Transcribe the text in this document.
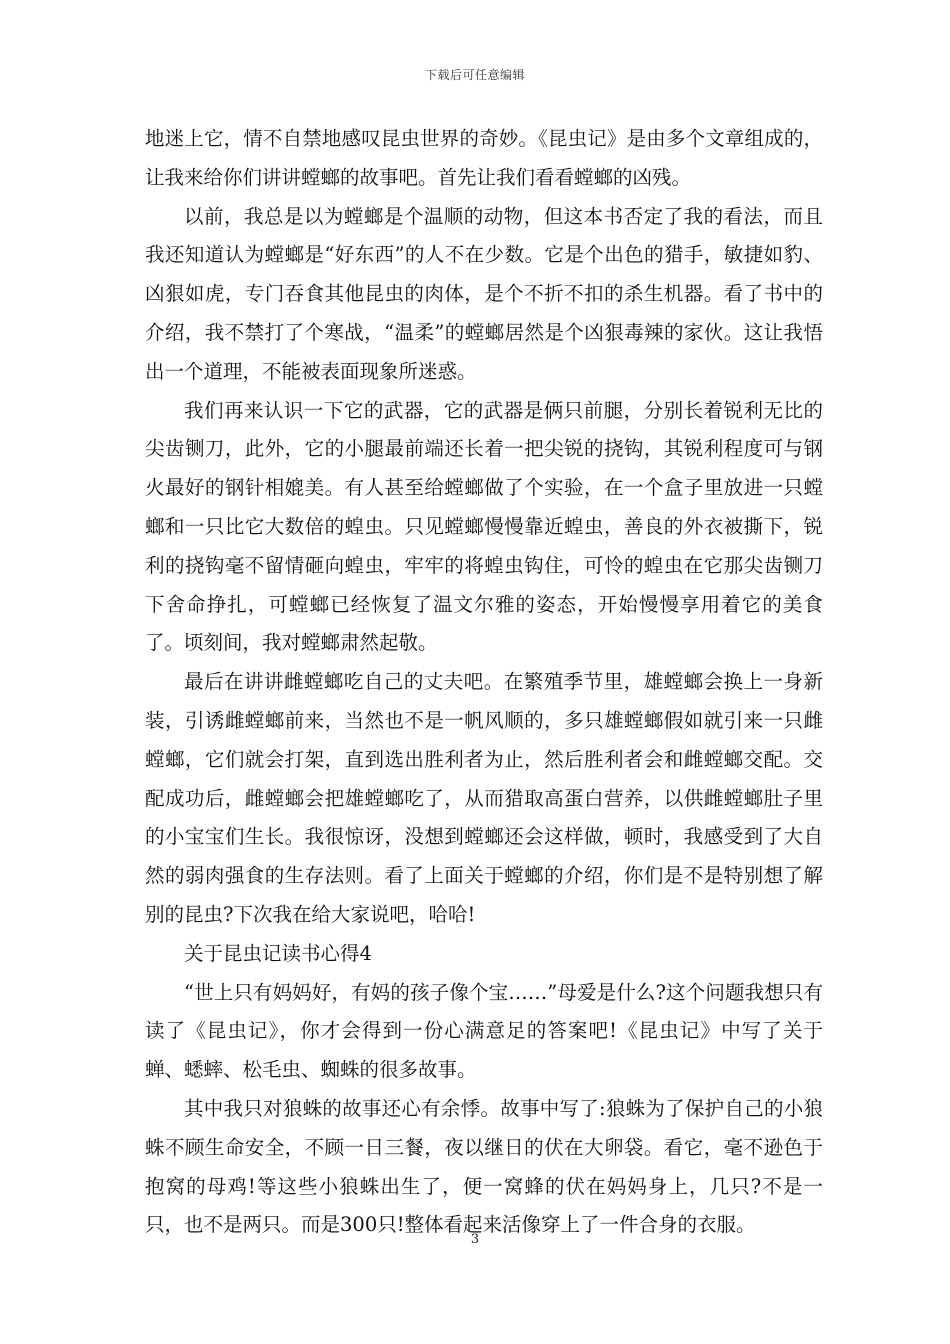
下载后可任意编辑

地迷上它，情不自禁地感叹昆虫世界的奇妙。《昆虫记》是由多个文章组成的，让我来给你们讲讲螳螂的故事吧。首先让我们看看螳螂的凶残。

以前，我总是以为螳螂是个温顺的动物，但这本书否定了我的看法，而且我还知道认为螳螂是“好东西”的人不在少数。它是个出色的猎手，敏捷如豹、凶狠如虎，专门吞食其他昆虫的肉体，是个不折不扣的杀生机器。看了书中的介绍，我不禁打了个寒战，“温柔”的螳螂居然是个凶狠毒辣的家伙。这让我悟出一个道理，不能被表面现象所迷惑。

我们再来认识一下它的武器，它的武器是俩只前腿，分别长着锐利无比的尖齿铡刀，此外，它的小腿最前端还长着一把尖锐的挠钩，其锐利程度可与钢火最好的钢针相媲美。有人甚至给螳螂做了个实验，在一个盒子里放进一只螳螂和一只比它大数倍的蝗虫。只见螳螂慢慢靠近蝗虫，善良的外衣被撕下，锐利的挠钩毫不留情砸向蝗虫，牢牢的将蝗虫钩住，可怜的蝗虫在它那尖齿铡刀下舍命挣扎，可螳螂已经恢复了温文尔雅的姿态，开始慢慢享用着它的美食了。顷刻间，我对螳螂肃然起敬。

最后在讲讲雌螳螂吃自己的丈夫吧。在繁殖季节里，雄螳螂会换上一身新装，引诱雌螳螂前来，当然也不是一帆风顺的，多只雄螳螂假如就引来一只雌螳螂，它们就会打架，直到选出胜利者为止，然后胜利者会和雌螳螂交配。交配成功后，雌螳螂会把雄螳螂吃了，从而猎取高蛋白营养，以供雌螳螂肚子里的小宝宝们生长。我很惊讶，没想到螳螂还会这样做，顿时，我感受到了大自然的弱肉强食的生存法则。看了上面关于螳螂的介绍，你们是不是特别想了解别的昆虫?下次我在给大家说吧，哈哈!

关于昆虫记读书心得4

“世上只有妈妈好，有妈的孩子像个宝……”母爱是什么?这个问题我想只有读了《昆虫记》，你才会得到一份心满意足的答案吧!《昆虫记》中写了关于蝉、蟋蟀、松毛虫、蜘蛛的很多故事。

其中我只对狼蛛的故事还心有余悸。故事中写了:狼蛛为了保护自己的小狼蛛不顾生命安全，不顾一日三餐，夜以继日的伏在大卵袋。看它，毫不逊色于抱窝的母鸡!等这些小狼蛛出生了，便一窝蜂的伏在妈妈身上，几只?不是一只，也不是两只。而是300只!整体看起来活像穿上了一件合身的衣服。

3
